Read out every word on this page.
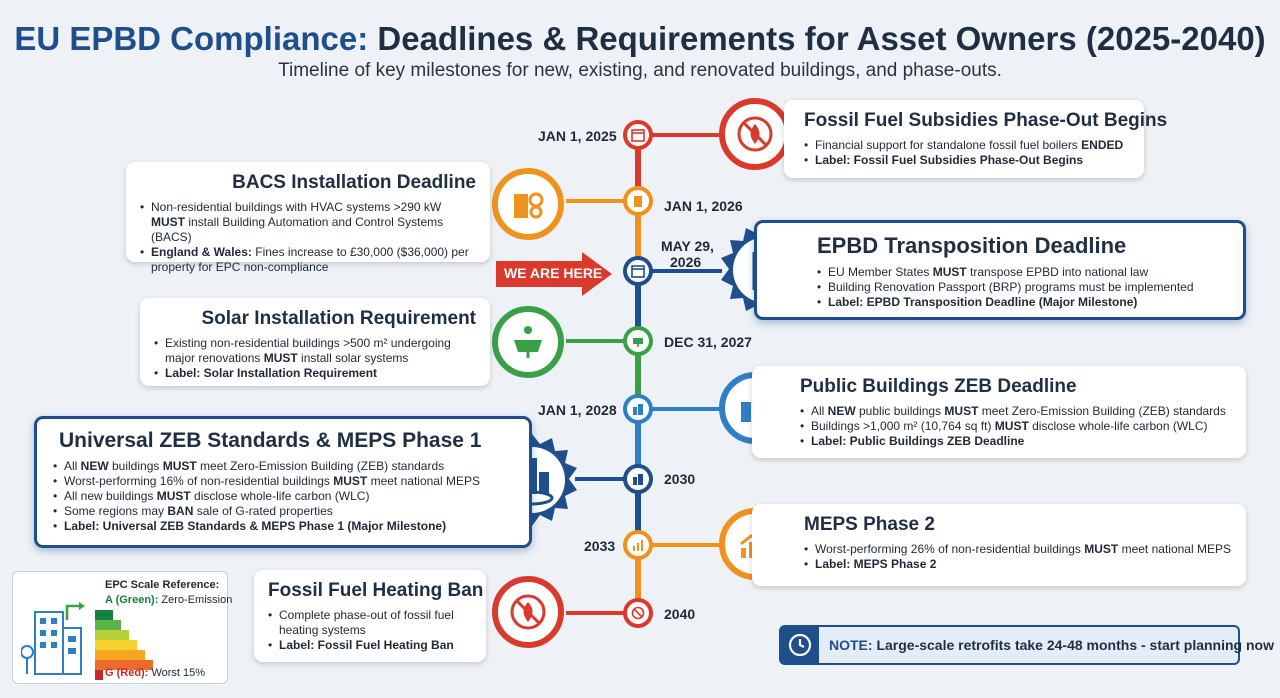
EU EPBD Compliance: Deadlines & Requirements for Asset Owners (2025-2040)
Timeline of key milestones for new, existing, and renovated buildings, and phase-outs.
JAN 1, 2025
JAN 1, 2026
MAY 29,
2026
DEC 31, 2027
JAN 1, 2028
2030
2033
2040
WE ARE HERE
Fossil Fuel Subsidies Phase-Out Begins
• Financial support for standalone fossil fuel boilers ENDED
• Label: Fossil Fuel Subsidies Phase-Out Begins
BACS Installation Deadline
• Non-residential buildings with HVAC systems >290 kW MUST install Building Automation and Control Systems (BACS)
• England & Wales: Fines increase to £30,000 ($36,000) per property for EPC non-compliance
EPBD Transposition Deadline
• EU Member States MUST transpose EPBD into national law
• Building Renovation Passport (BRP) programs must be implemented
• Label: EPBD Transposition Deadline (Major Milestone)
Solar Installation Requirement
• Existing non-residential buildings >500 m² undergoing major renovations MUST install solar systems
• Label: Solar Installation Requirement
Public Buildings ZEB Deadline
• All NEW public buildings MUST meet Zero-Emission Building (ZEB) standards
• Buildings >1,000 m² (10,764 sq ft) MUST disclose whole-life carbon (WLC)
• Label: Public Buildings ZEB Deadline
Universal ZEB Standards & MEPS Phase 1
• All NEW buildings MUST meet Zero-Emission Building (ZEB) standards
• Worst-performing 16% of non-residential buildings MUST meet national MEPS
• All new buildings MUST disclose whole-life carbon (WLC)
• Some regions may BAN sale of G-rated properties
• Label: Universal ZEB Standards & MEPS Phase 1 (Major Milestone)	MEPS Phase 2
• Worst-performing 26% of non-residential buildings MUST meet national MEPS
• Label: MEPS Phase 2
Fossil Fuel Heating Ban
• Complete phase-out of fossil fuel heating systems
• Label: Fossil Fuel Heating Ban
EPC Scale Reference:
A (Green): Zero-Emission
G (Red): Worst 15%
NOTE: Large-scale retrofits take 24-48 months - start planning now
